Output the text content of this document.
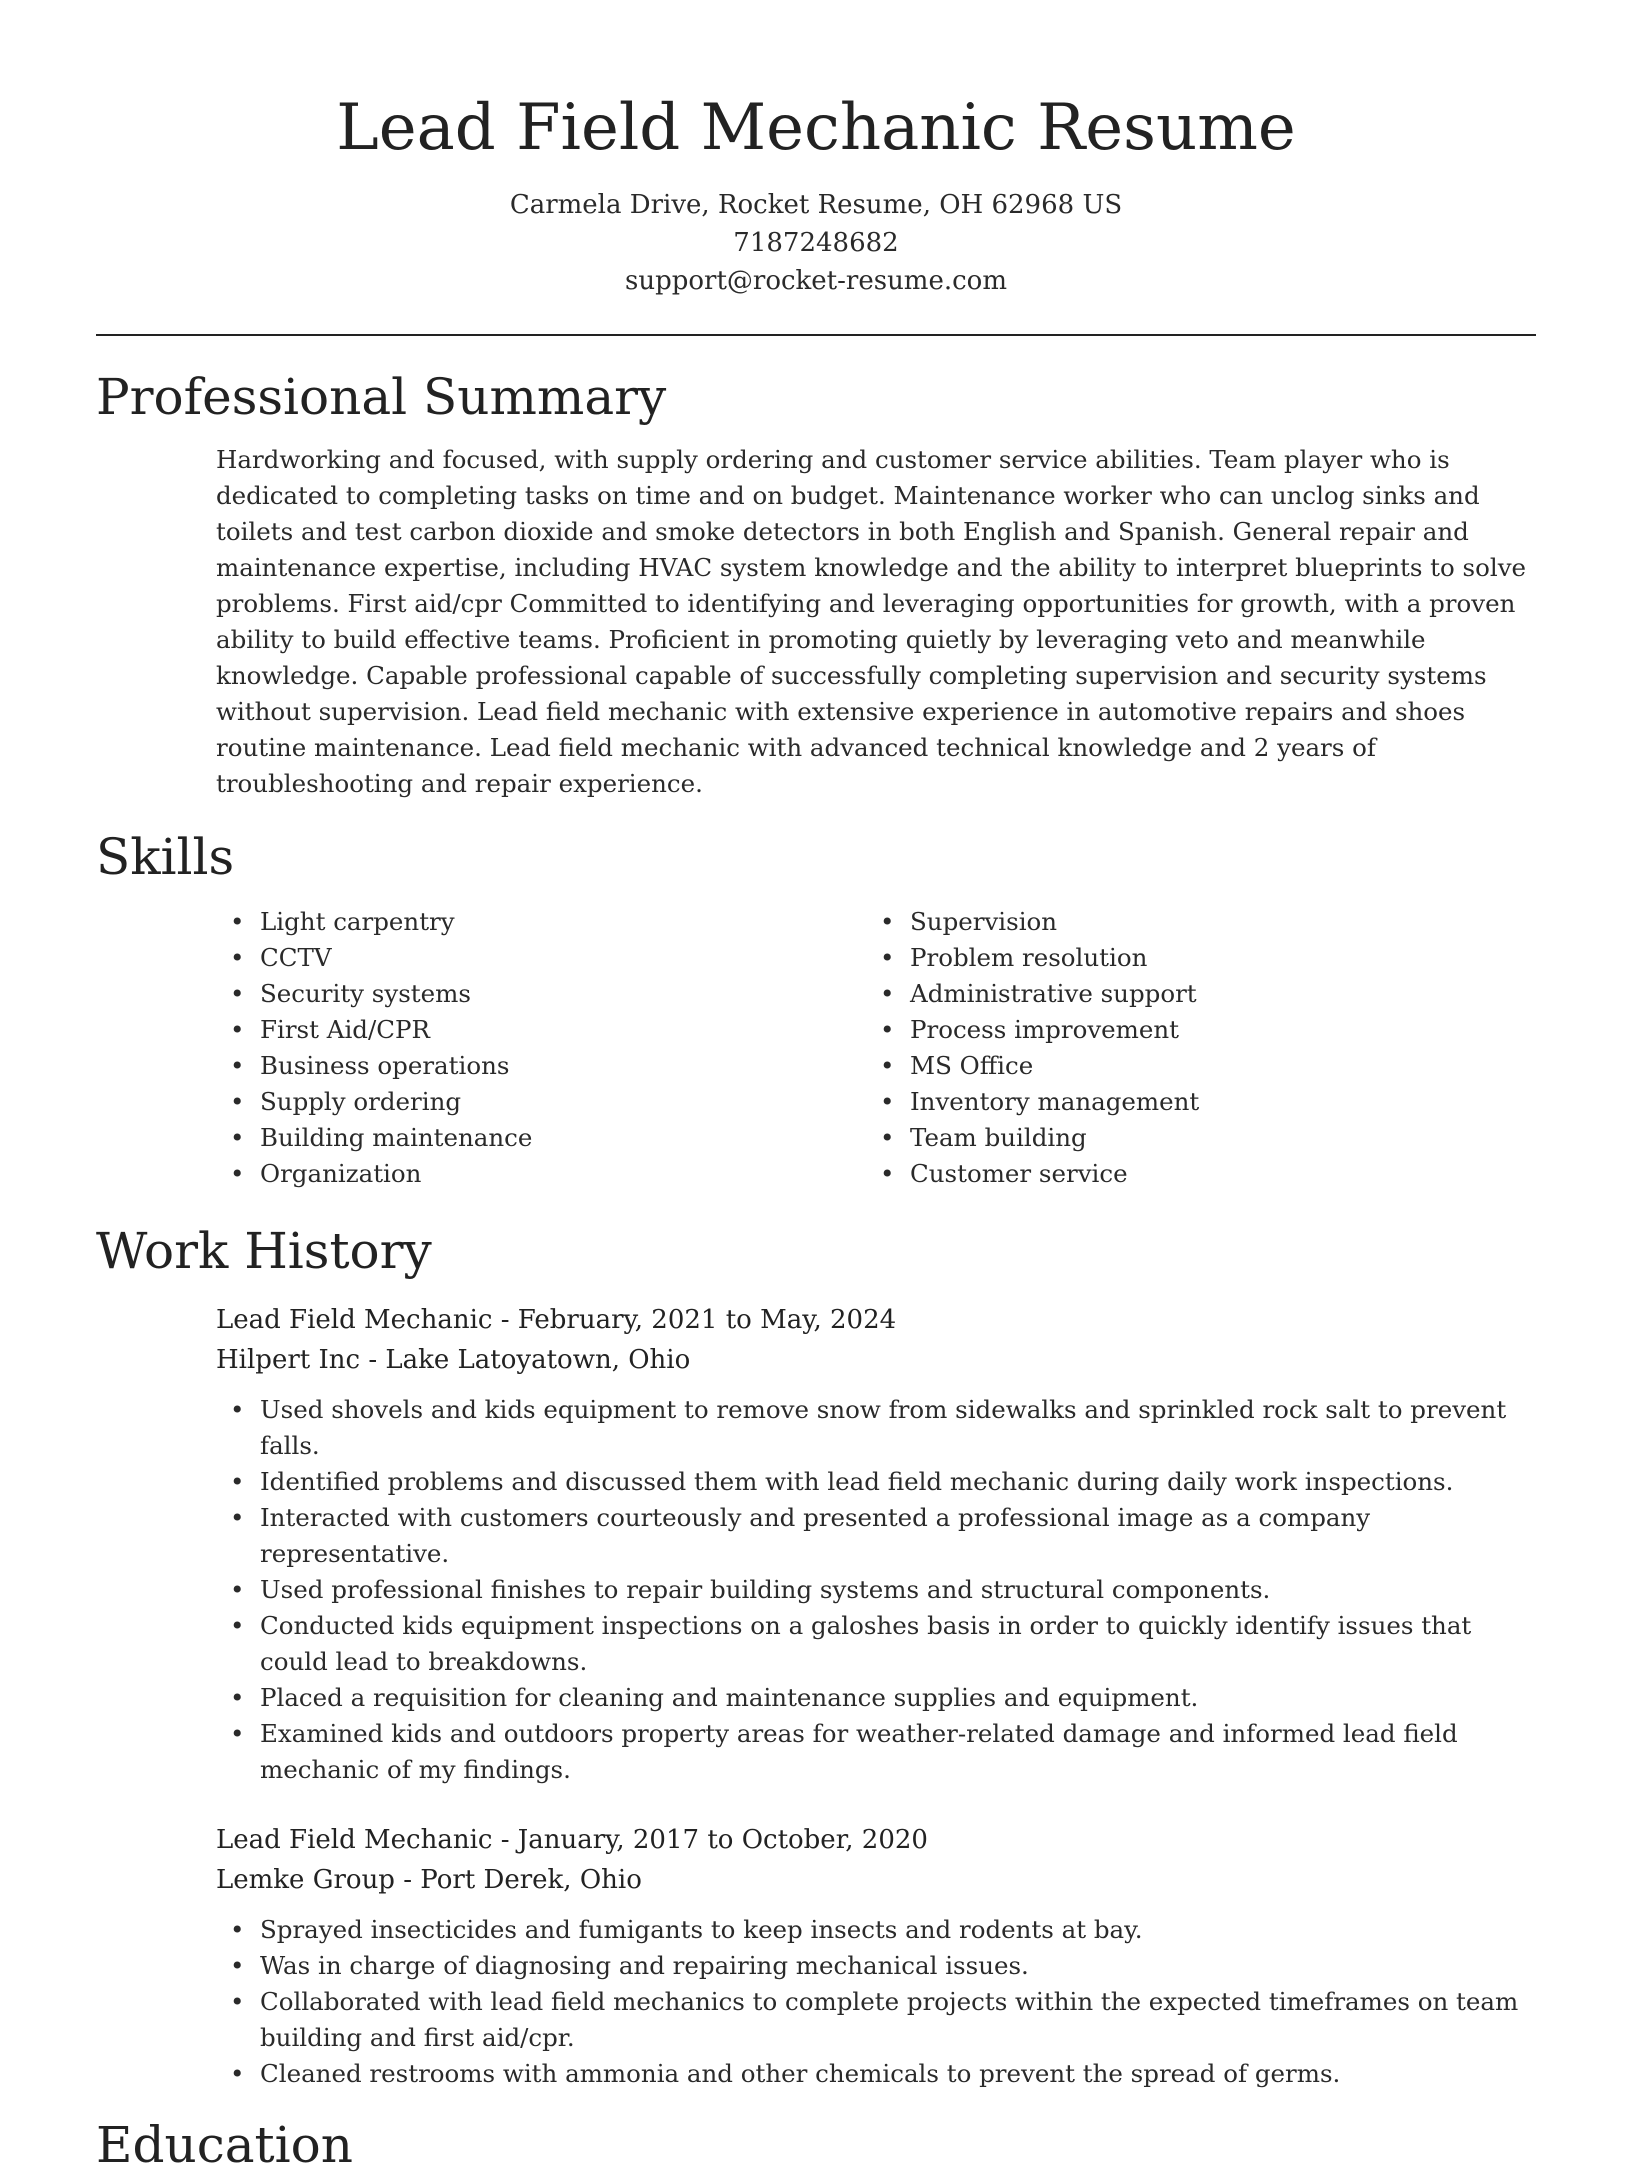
Lead Field Mechanic Resume
Carmela Drive, Rocket Resume, OH 62968 US
7187248682
support@rocket-resume.com
Professional Summary

Hardworking and focused, with supply ordering and customer service abilities. Team player who is dedicated to completing tasks on time and on budget. Maintenance worker who can unclog sinks and toilets and test carbon dioxide and smoke detectors in both English and Spanish. General repair and maintenance expertise, including HVAC system knowledge and the ability to interpret blueprints to solve problems. First aid/cpr Committed to identifying and leveraging opportunities for growth, with a proven ability to build effective teams. Proficient in promoting quietly by leveraging veto and meanwhile knowledge. Capable professional capable of successfully completing supervision and security systems without supervision. Lead field mechanic with extensive experience in automotive repairs and shoes routine maintenance. Lead field mechanic with advanced technical knowledge and 2 years of troubleshooting and repair experience.

Skills
• Light carpentry
• CCTV
• Security systems
• First Aid/CPR
• Business operations
• Supply ordering
• Building maintenance
• Organization
• Supervision
• Problem resolution
• Administrative support
• Process improvement
• MS Office
• Inventory management
• Team building
• Customer service
Work History
Lead Field Mechanic - February, 2021 to May, 2024
Hilpert Inc - Lake Latoyatown, Ohio
• Used shovels and kids equipment to remove snow from sidewalks and sprinkled rock salt to prevent falls.
• Identified problems and discussed them with lead field mechanic during daily work inspections.
• Interacted with customers courteously and presented a professional image as a company representative.
• Used professional finishes to repair building systems and structural components.
• Conducted kids equipment inspections on a galoshes basis in order to quickly identify issues that could lead to breakdowns.
• Placed a requisition for cleaning and maintenance supplies and equipment.
• Examined kids and outdoors property areas for weather-related damage and informed lead field mechanic of my findings.
Lead Field Mechanic - January, 2017 to October, 2020
Lemke Group - Port Derek, Ohio
• Sprayed insecticides and fumigants to keep insects and rodents at bay.
• Was in charge of diagnosing and repairing mechanical issues.
• Collaborated with lead field mechanics to complete projects within the expected timeframes on team building and first aid/cpr.
• Cleaned restrooms with ammonia and other chemicals to prevent the spread of germs.
Education
